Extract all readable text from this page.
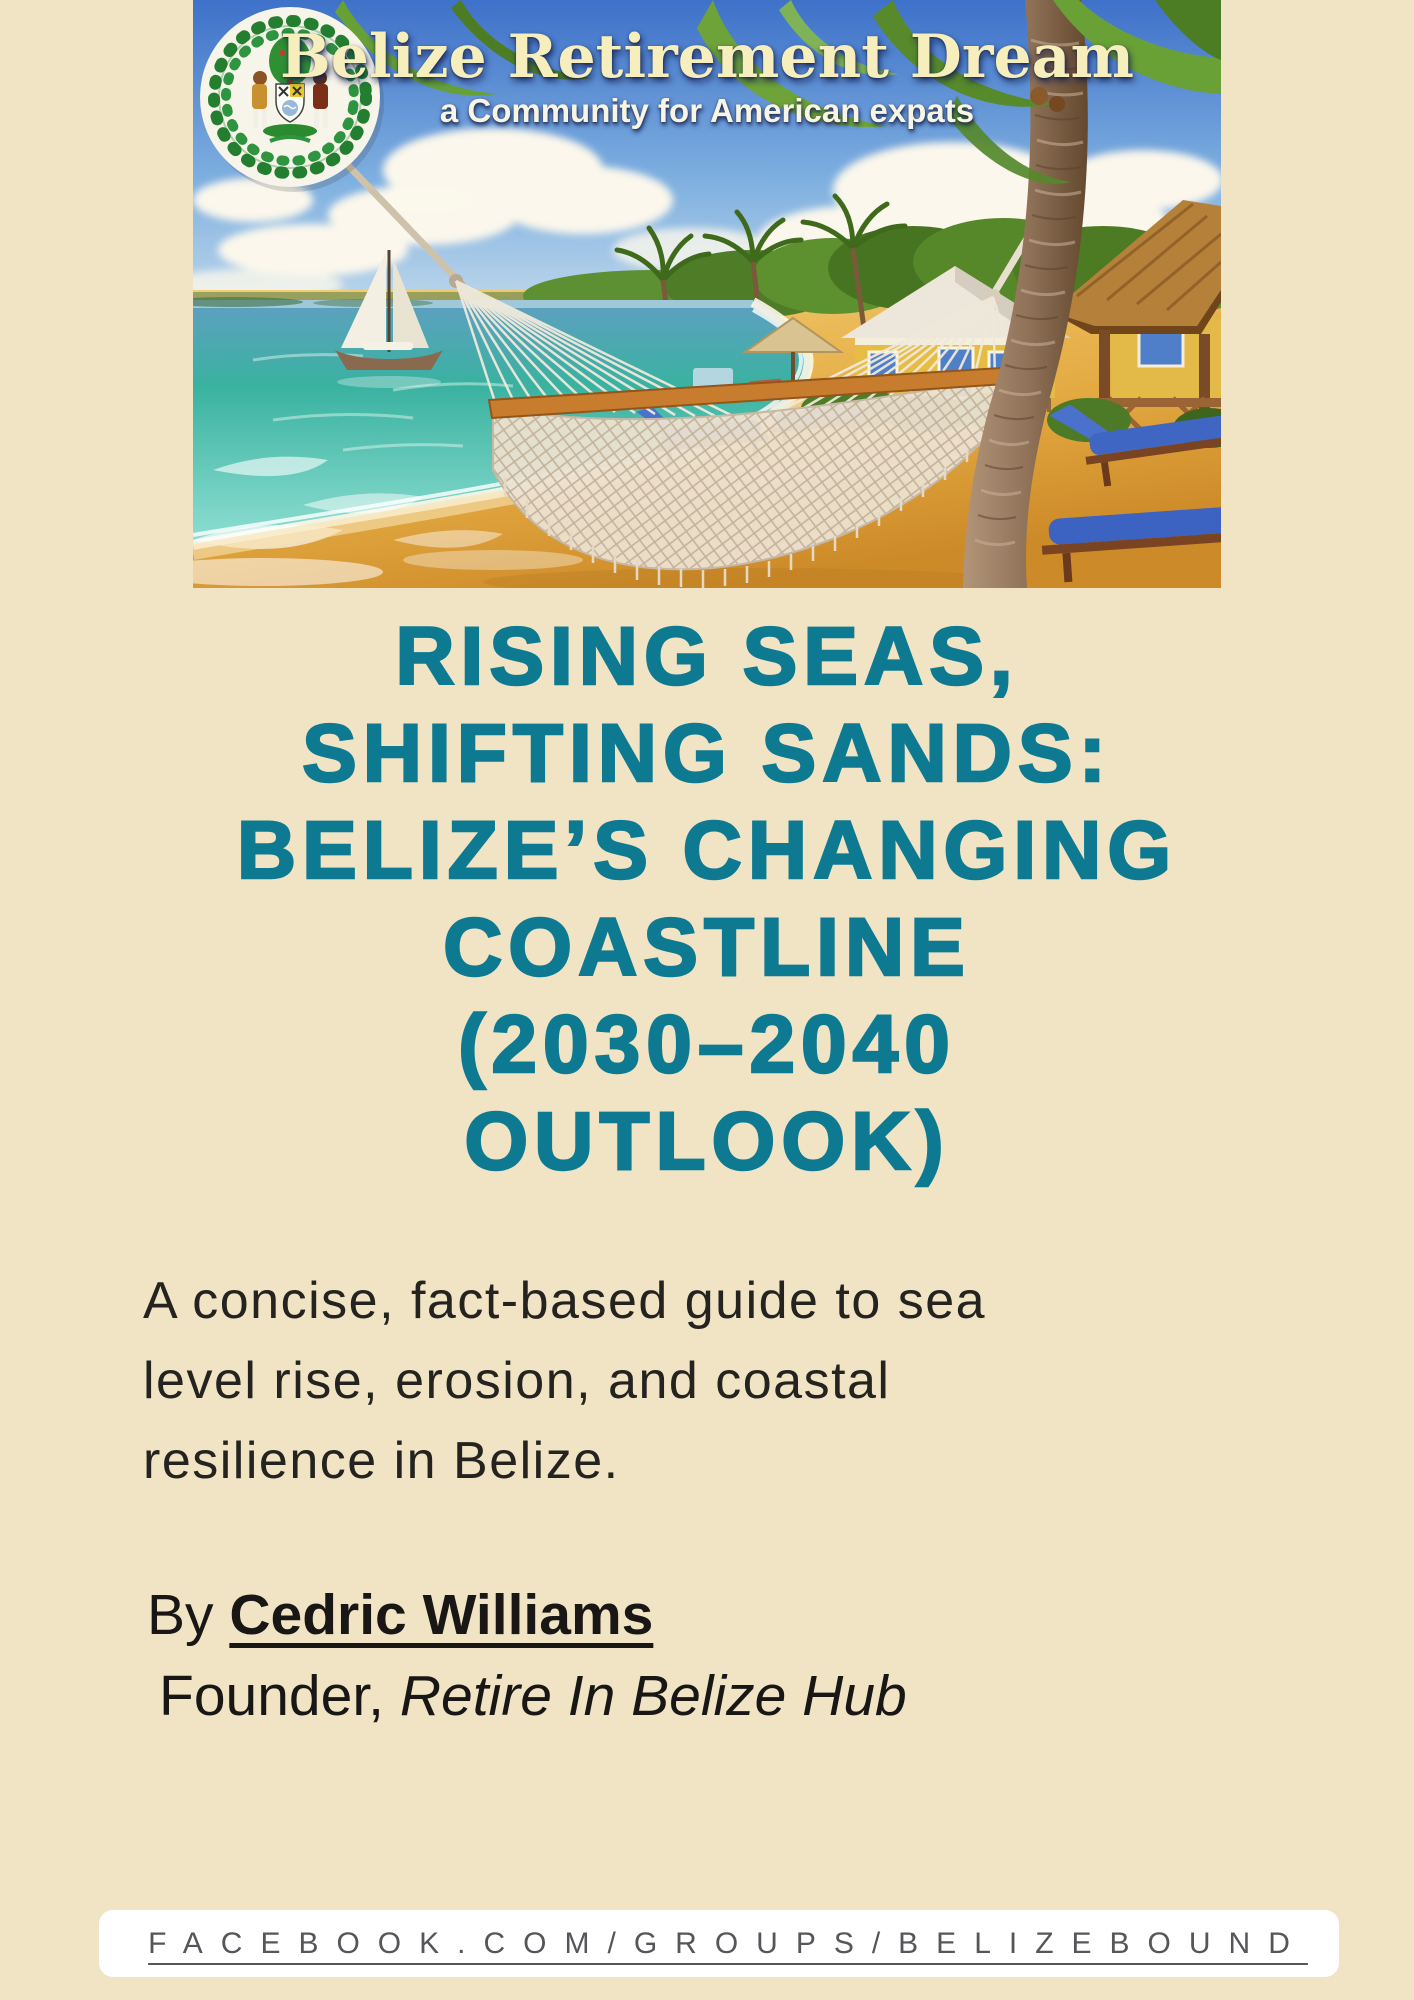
Belize Retirement Dream
a Community for American expats
RISING SEAS,
SHIFTING SANDS:
BELIZE’S CHANGING
COASTLINE
(2030–2040
OUTLOOK)
A concise, fact-based guide to sea
level rise, erosion, and coastal
resilience in Belize.
By Cedric Williams
Founder, Retire In Belize Hub
FACEBOOK.COM/GROUPS/BELIZEBOUND
